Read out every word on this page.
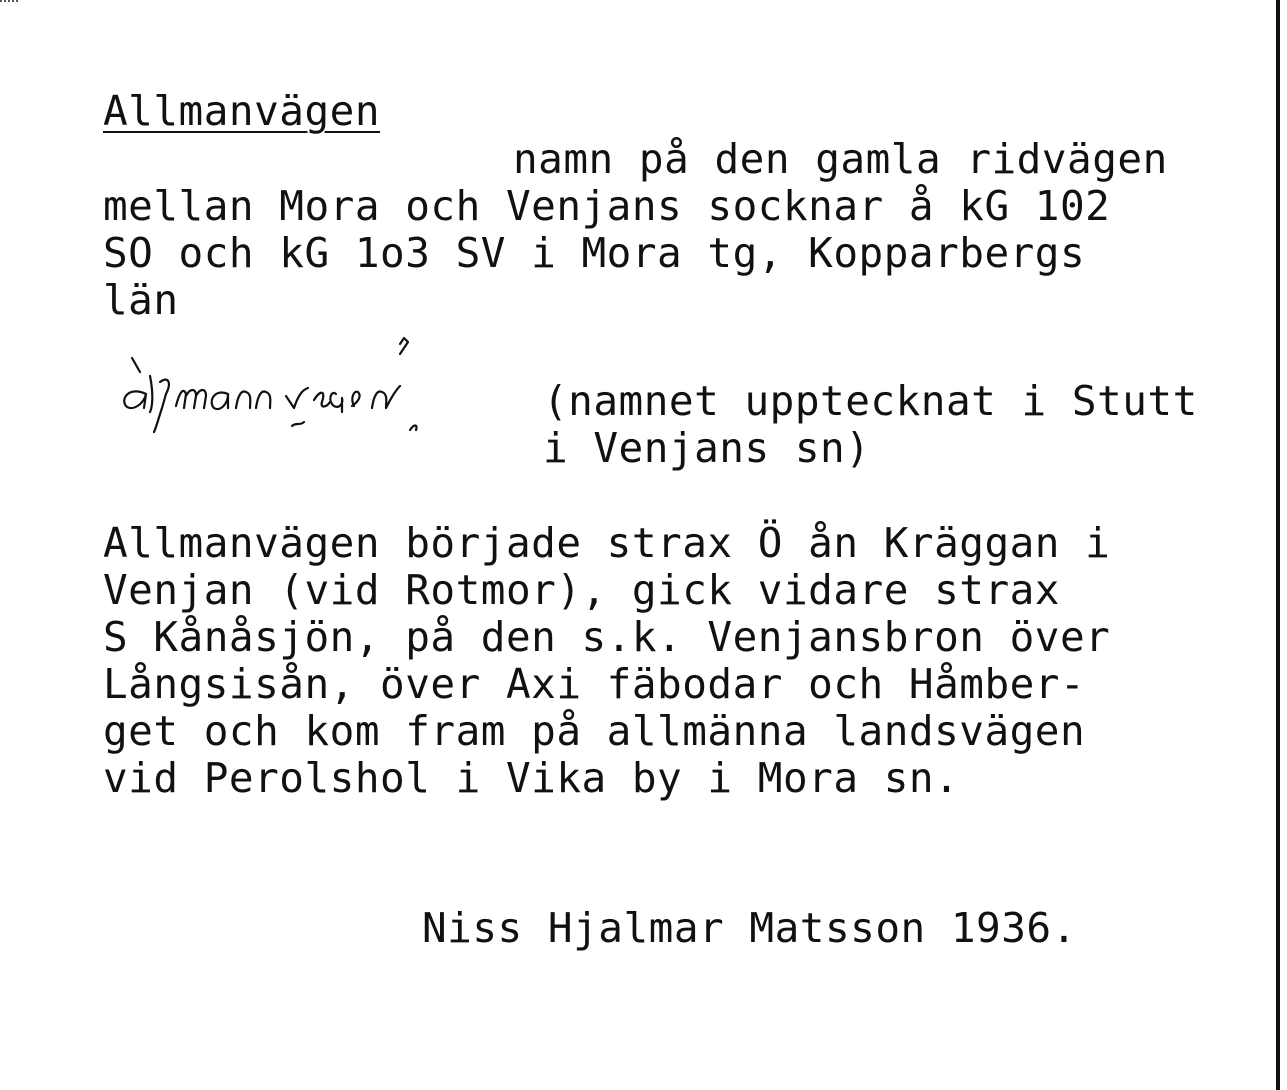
Allmanvägen
namn på den gamla ridvägen
mellan Mora och Venjans socknar å kG 102
SO och kG 1o3 SV i Mora tg, Kopparbergs
län
(namnet upptecknat i Stutt
i Venjans sn)
Allmanvägen började strax Ö ån Kräggan i
Venjan (vid Rotmor), gick vidare strax
S Kånåsjön, på den s.k. Venjansbron över
Långsisån, över Axi fäbodar och Håmber-
get och kom fram på allmänna landsvägen
vid Perolshol i Vika by i Mora sn.
Niss Hjalmar Matsson 1936.
